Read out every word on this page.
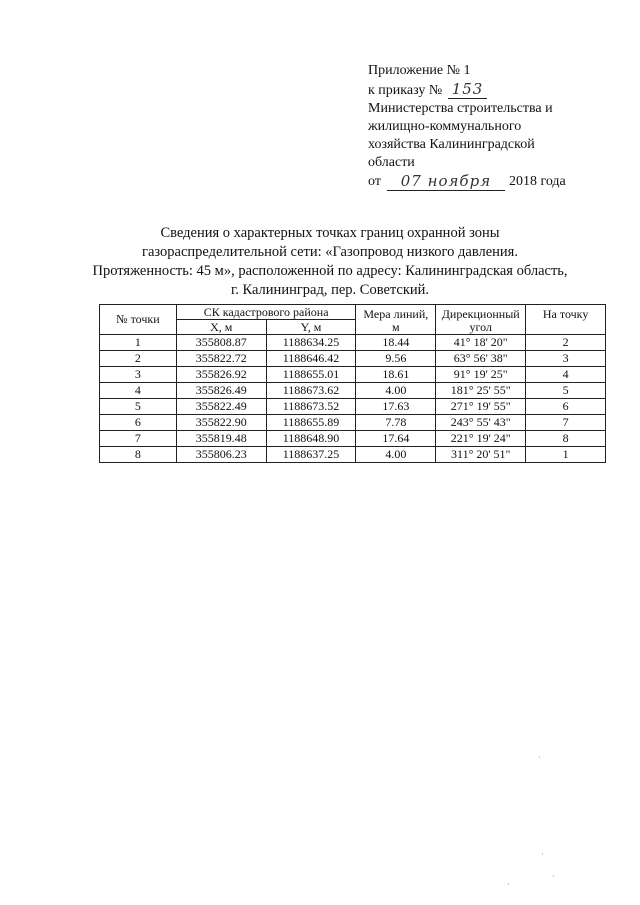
Приложение № 1
к приказу № 153
Министерства строительства и
жилищно-коммунального
хозяйства Калининградской
области
от 07 ноября 2018 года
Сведения о характерных точках границ охранной зоны
газораспределительной сети: «Газопровод низкого давления.
Протяженность: 45 м», расположенной по адресу: Калининградская область,
г. Калининград, пер. Советский.
№ точки	СК кадастрового района		Мера линий, м	Дирекционный угол	На точку
	X, м	Y, м			
1	355808.87	1188634.25	18.44	41° 18' 20"	2
2	355822.72	1188646.42	9.56	63° 56' 38"	3
3	355826.92	1188655.01	18.61	91° 19' 25"	4
4	355826.49	1188673.62	4.00	181° 25' 55"	5
5	355822.49	1188673.52	17.63	271° 19' 55"	6
6	355822.90	1188655.89	7.78	243° 55' 43"	7
7	355819.48	1188648.90	17.64	221° 19' 24"	8
8	355806.23	1188637.25	4.00	311° 20' 51"	1
·
·
·
·
